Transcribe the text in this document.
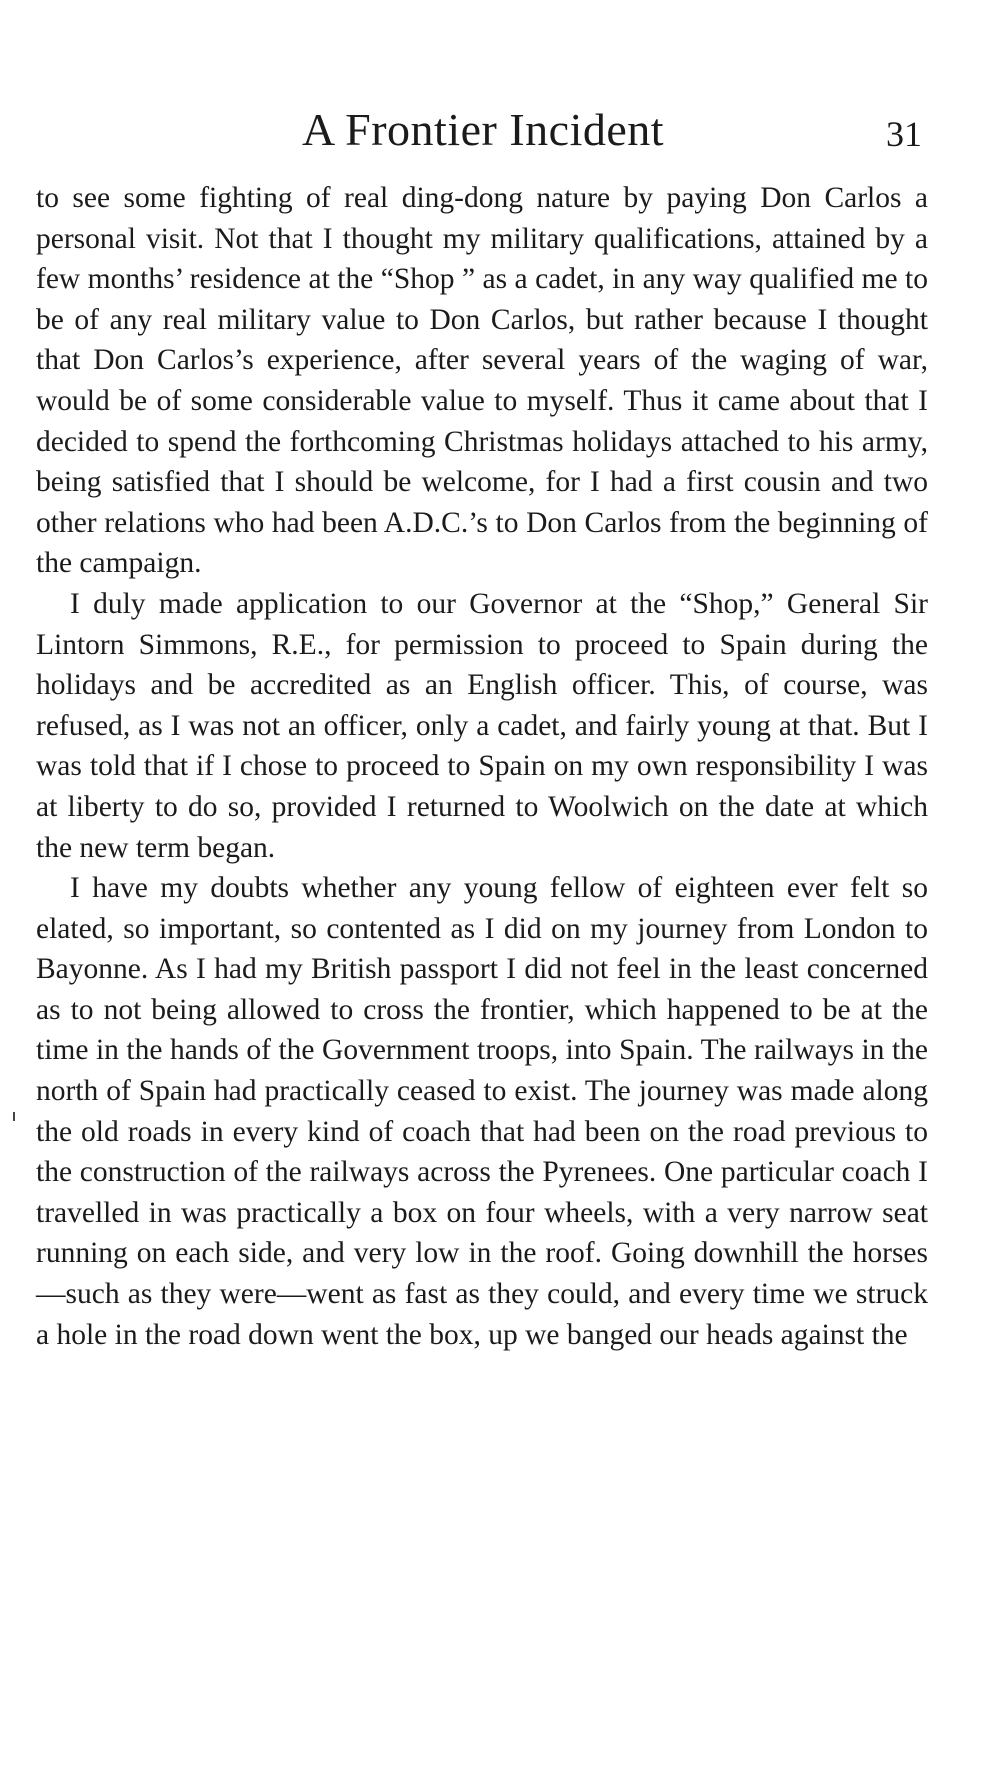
A Frontier Incident	31

to see some fighting of real ding-dong nature by paying Don Carlos a personal visit. Not that I thought my military qualifications, attained by a few months’ residence at the “Shop ” as a cadet, in any way qualified me to be of any real military value to Don Carlos, but rather because I thought that Don Carlos’s experience, after several years of the waging of war, would be of some considerable value to myself. Thus it came about that I decided to spend the forthcoming Christmas holidays attached to his army, being satisfied that I should be welcome, for I had a first cousin and two other relations who had been A.D.C.’s to Don Carlos from the beginning of the campaign.

I duly made application to our Governor at the “Shop,” General Sir Lintorn Simmons, R.E., for permission to proceed to Spain during the holidays and be accredited as an English officer. This, of course, was refused, as I was not an officer, only a cadet, and fairly young at that. But I was told that if I chose to proceed to Spain on my own responsibility I was at liberty to do so, provided I returned to Woolwich on the date at which the new term began.

I have my doubts whether any young fellow of eighteen ever felt so elated, so important, so contented as I did on my journey from London to Bayonne. As I had my British passport I did not feel in the least concerned as to not being allowed to cross the frontier, which happened to be at the time in the hands of the Government troops, into Spain. The railways in the north of Spain had practically ceased to exist. The journey was made along the old roads in every kind of coach that had been on the road previous to the construction of the railways across the Pyrenees. One particular coach I travelled in was practically a box on four wheels, with a very narrow seat running on each side, and very low in the roof. Going downhill the horses—such as they were—went as fast as they could, and every time we struck a hole in the road down went the box, up we banged our heads against the
